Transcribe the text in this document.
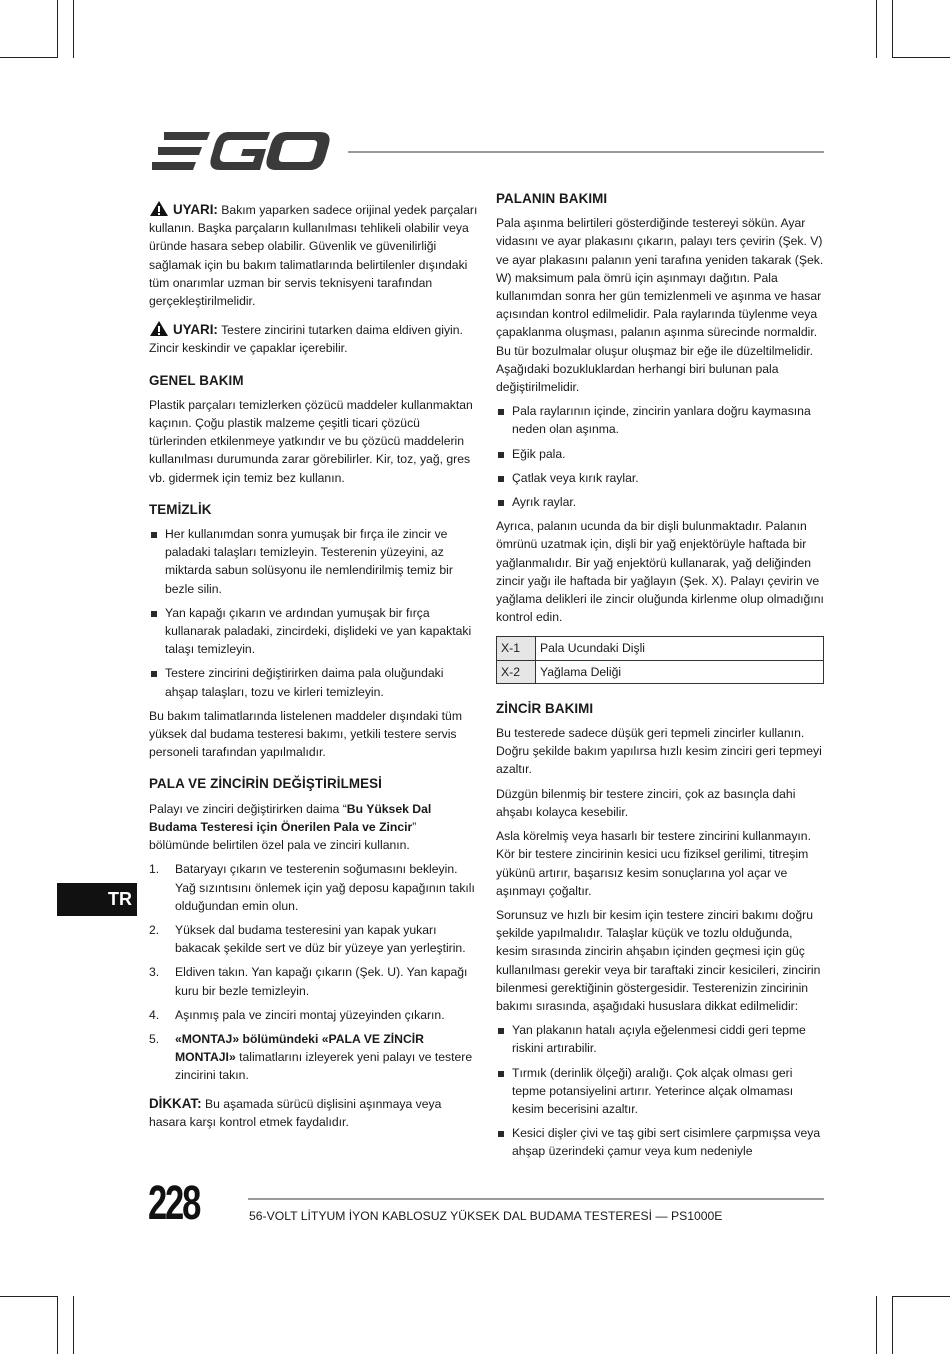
UYARI: Bakım yaparken sadece orijinal yedek parçaları kullanın. Başka parçaların kullanılması tehlikeli olabilir veya üründe hasara sebep olabilir. Güvenlik ve güvenilirliği sağlamak için bu bakım talimatlarında belirtilenler dışındaki tüm onarımlar uzman bir servis teknisyeni tarafından gerçekleştirilmelidir.

UYARI: Testere zincirini tutarken daima eldiven giyin. Zincir keskindir ve çapaklar içerebilir.

GENEL BAKIM

Plastik parçaları temizlerken çözücü maddeler kullanmaktan kaçının. Çoğu plastik malzeme çeşitli ticari çözücü türlerinden etkilenmeye yatkındır ve bu çözücü maddelerin kullanılması durumunda zarar görebilirler. Kir, toz, yağ, gres vb. gidermek için temiz bez kullanın.

TEMİZLİK
Her kullanımdan sonra yumuşak bir fırça ile zincir ve paladaki talaşları temizleyin. Testerenin yüzeyini, az miktarda sabun solüsyonu ile nemlendirilmiş temiz bir bezle silin.
Yan kapağı çıkarın ve ardından yumuşak bir fırça kullanarak paladaki, zincirdeki, dişlideki ve yan kapaktaki talaşı temizleyin.
Testere zincirini değiştirirken daima pala oluğundaki ahşap talaşları, tozu ve kirleri temizleyin.

Bu bakım talimatlarında listelenen maddeler dışındaki tüm yüksek dal budama testeresi bakımı, yetkili testere servis personeli tarafından yapılmalıdır.

PALA VE ZİNCİRİN DEĞİŞTİRİLMESİ

Palayı ve zinciri değiştirirken daima “Bu Yüksek Dal Budama Testeresi için Önerilen Pala ve Zincir” bölümünde belirtilen özel pala ve zinciri kullanın.

1. Bataryayı çıkarın ve testerenin soğumasını bekleyin. Yağ sızıntısını önlemek için yağ deposu kapağının takılı olduğundan emin olun.
2. Yüksek dal budama testeresini yan kapak yukarı bakacak şekilde sert ve düz bir yüzeye yan yerleştirin.
3. Eldiven takın. Yan kapağı çıkarın (Şek. U). Yan kapağı kuru bir bezle temizleyin.
4. Aşınmış pala ve zinciri montaj yüzeyinden çıkarın.
5. «MONTAJ» bölümündeki «PALA VE ZİNCİR MONTAJI» talimatlarını izleyerek yeni palayı ve testere zincirini takın.

DİKKAT: Bu aşamada sürücü dişlisini aşınmaya veya hasara karşı kontrol etmek faydalıdır.

PALANIN BAKIMI

Pala aşınma belirtileri gösterdiğinde testereyi sökün. Ayar vidasını ve ayar plakasını çıkarın, palayı ters çevirin (Şek. V) ve ayar plakasını palanın yeni tarafına yeniden takarak (Şek. W) maksimum pala ömrü için aşınmayı dağıtın. Pala kullanımdan sonra her gün temizlenmeli ve aşınma ve hasar açısından kontrol edilmelidir. Pala raylarında tüylenme veya çapaklanma oluşması, palanın aşınma sürecinde normaldir. Bu tür bozulmalar oluşur oluşmaz bir eğe ile düzeltilmelidir. Aşağıdaki bozukluklardan herhangi biri bulunan pala değiştirilmelidir.

Pala raylarının içinde, zincirin yanlara doğru kaymasına neden olan aşınma.
Eğik pala.
Çatlak veya kırık raylar.
Ayrık raylar.

Ayrıca, palanın ucunda da bir dişli bulunmaktadır. Palanın ömrünü uzatmak için, dişli bir yağ enjektörüyle haftada bir yağlanmalıdır. Bir yağ enjektörü kullanarak, yağ deliğinden zincir yağı ile haftada bir yağlayın (Şek. X). Palayı çevirin ve yağlama delikleri ile zincir oluğunda kirlenme olup olmadığını kontrol edin.

X-1	Pala Ucundaki Dişli
X-2	Yağlama Deliği
ZİNCİR BAKIMI

Bu testerede sadece düşük geri tepmeli zincirler kullanın. Doğru şekilde bakım yapılırsa hızlı kesim zinciri geri tepmeyi azaltır.

Düzgün bilenmiş bir testere zinciri, çok az basınçla dahi ahşabı kolayca kesebilir.

Asla körelmiş veya hasarlı bir testere zincirini kullanmayın. Kör bir testere zincirinin kesici ucu fiziksel gerilimi, titreşim yükünü artırır, başarısız kesim sonuçlarına yol açar ve aşınmayı çoğaltır.

Sorunsuz ve hızlı bir kesim için testere zinciri bakımı doğru şekilde yapılmalıdır. Talaşlar küçük ve tozlu olduğunda, kesim sırasında zincirin ahşabın içinden geçmesi için güç kullanılması gerekir veya bir taraftaki zincir kesicileri, zincirin bilenmesi gerektiğinin göstergesidir. Testerenizin zincirinin bakımı sırasında, aşağıdaki hususlara dikkat edilmelidir:

Yan plakanın hatalı açıyla eğelenmesi ciddi geri tepme riskini artırabilir.
Tırmık (derinlik ölçeği) aralığı. Çok alçak olması geri tepme potansiyelini artırır. Yeterince alçak olmaması kesim becerisini azaltır.
Kesici dişler çivi ve taş gibi sert cisimlere çarpmışsa veya ahşap üzerindeki çamur veya kum nedeniyle
TR
228	56-VOLT LİTYUM İYON KABLOSUZ YÜKSEK DAL BUDAMA TESTERESİ — PS1000E
